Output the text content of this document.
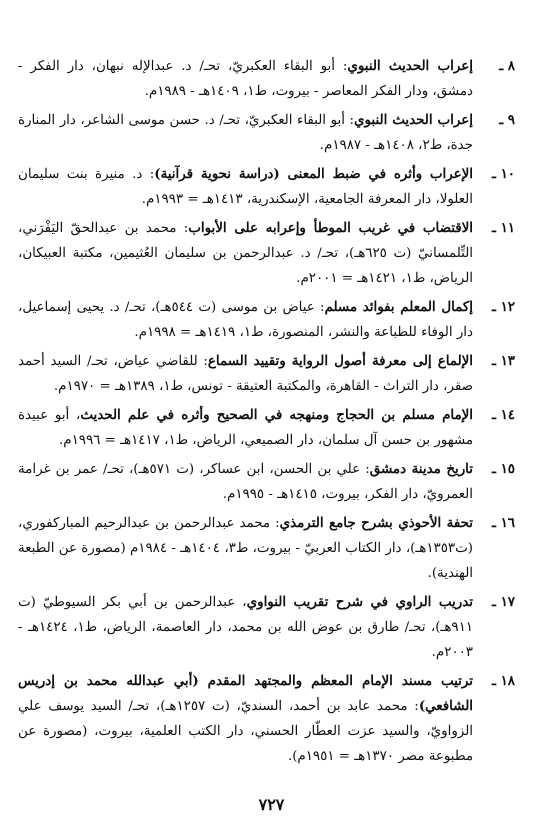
٨ ـ
إعراب الحديث النبوي: أبو البقاء العكبريّ، تحـ/ د. عبدالإله نبهان، دار الفكر - دمشق، ودار الفكر المعاصر - بيروت، ط١، ١٤٠٩هـ - ١٩٨٩م.
٩ ـ
إعراب الحديث النبوي: أبو البقاء العكبريّ، تحـ/ د. حسن موسى الشاعر، دار المنارة جدة، ط٢، ١٤٠٨هـ - ١٩٨٧م.
١٠ ـ
الإعراب وأثره في ضبط المعنى (دراسة نحوية قرآنية): د. منيرة بنت سليمان العلولا، دار المعرفة الجامعية، الإسكندرية، ١٤١٣هـ = ١٩٩٣م.
١١ ـ
الاقتضاب في غريب الموطأ وإعرابه على الأبواب: محمد بن عبدالحقّ اليَفْرَني، التِّلمسانيّ (ت ٦٢٥هـ)، تحـ/ د. عبدالرحمن بن سليمان العُثيمين، مكتبة العبيكان، الرياض، ط١، ١٤٢١هـ = ٢٠٠١م.
١٢ ـ
إكمال المعلم بفوائد مسلم: عياض بن موسى (ت ٥٤٤هـ)، تحـ/ د. يحيى إسماعيل، دار الوفاء للطباعة والنشر، المنصورة، ط١، ١٤١٩هـ = ١٩٩٨م.
١٣ ـ
الإلماع إلى معرفة أصول الرواية وتقييد السماع: للقاضي عياض، تحـ/ السيد أحمد صقر، دار التراث - القاهرة، والمكتبة العتيقة - تونس، ط١، ١٣٨٩هـ = ١٩٧٠م.
١٤ ـ
الإمام مسلم بن الحجاج ومنهجه في الصحيح وأثره في علم الحديث، أبو عبيدة مشهور بن حسن آل سلمان، دار الصميعي، الرياض، ط١، ١٤١٧هـ = ١٩٩٦م.
١٥ ـ
تاريخ مدينة دمشق: علي بن الحسن، ابن عساكر، (ت ٥٧١هـ)، تحـ/ عمر بن غرامة العمرويّ، دار الفكر، بيروت، ١٤١٥هـ - ١٩٩٥م.
١٦ ـ
تحفة الأحوذي بشرح جامع الترمذي: محمد عبدالرحمن بن عبدالرحيم المباركفوري، (ت١٣٥٣هـ)، دار الكتاب العربيّ - بيروت، ط٣، ١٤٠٤هـ - ١٩٨٤م (مصورة عن الطبعة الهندية).
١٧ ـ
تدريب الراوي في شرح تقريب النواوي، عبدالرحمن بن أبي بكر السيوطيّ (ت ٩١١هـ)، تحـ/ طارق بن عوض الله بن محمد، دار العاصمة، الرياض، ط١، ١٤٢٤هـ - ٢٠٠٣م.
١٨ ـ
ترتيب مسند الإمام المعظم والمجتهد المقدم (أبي عبدالله محمد بن إدريس الشافعي): محمد عابد بن أحمد، السنديّ، (ت ١٢٥٧هـ)، تحـ/ السيد يوسف علي الزواويّ، والسيد عزت العطّار الحسني، دار الكتب العلمية، بيروت، (مصورة عن مطبوعة مصر ١٣٧٠هـ = ١٩٥١م).
٧٢٧
